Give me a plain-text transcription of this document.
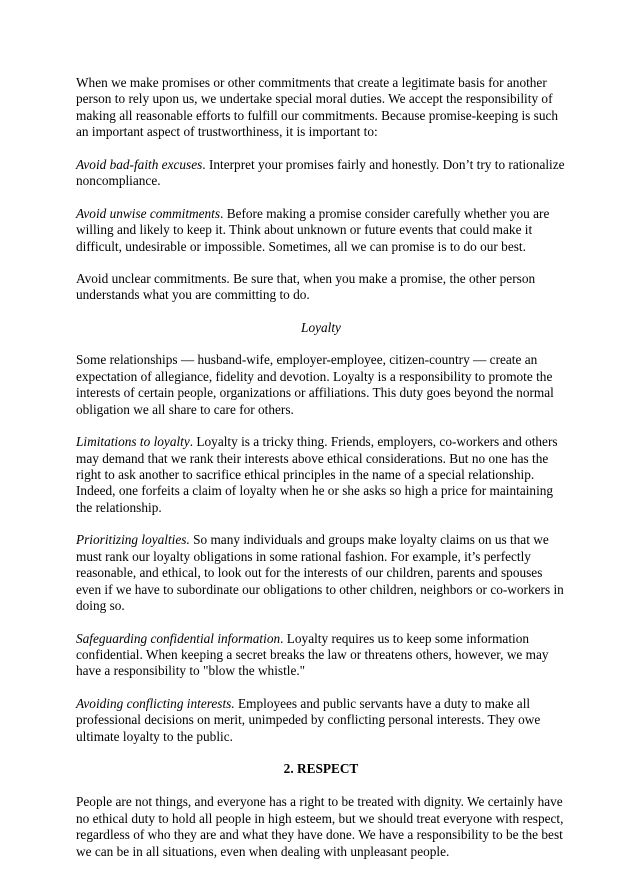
When we make promises or other commitments that create a legitimate basis for another person to rely upon us, we undertake special moral duties. We accept the responsibility of making all reasonable efforts to fulfill our commitments. Because promise-keeping is such an important aspect of trustworthiness, it is important to:

Avoid bad-faith excuses. Interpret your promises fairly and honestly. Don’t try to rationalize noncompliance.

Avoid unwise commitments. Before making a promise consider carefully whether you are willing and likely to keep it. Think about unknown or future events that could make it difficult, undesirable or impossible. Sometimes, all we can promise is to do our best.

Avoid unclear commitments. Be sure that, when you make a promise, the other person understands what you are committing to do.

Loyalty

Some relationships — husband-wife, employer-employee, citizen-country — create an expectation of allegiance, fidelity and devotion. Loyalty is a responsibility to promote the interests of certain people, organizations or affiliations. This duty goes beyond the normal obligation we all share to care for others.

Limitations to loyalty. Loyalty is a tricky thing. Friends, employers, co-workers and others may demand that we rank their interests above ethical considerations. But no one has the right to ask another to sacrifice ethical principles in the name of a special relationship. Indeed, one forfeits a claim of loyalty when he or she asks so high a price for maintaining the relationship.

Prioritizing loyalties. So many individuals and groups make loyalty claims on us that we must rank our loyalty obligations in some rational fashion. For example, it’s perfectly reasonable, and ethical, to look out for the interests of our children, parents and spouses even if we have to subordinate our obligations to other children, neighbors or co-workers in doing so.

Safeguarding confidential information. Loyalty requires us to keep some information confidential. When keeping a secret breaks the law or threatens others, however, we may have a responsibility to "blow the whistle."

Avoiding conflicting interests. Employees and public servants have a duty to make all professional decisions on merit, unimpeded by conflicting personal interests. They owe ultimate loyalty to the public.

2. RESPECT

People are not things, and everyone has a right to be treated with dignity. We certainly have no ethical duty to hold all people in high esteem, but we should treat everyone with respect, regardless of who they are and what they have done. We have a responsibility to be the best we can be in all situations, even when dealing with unpleasant people.
